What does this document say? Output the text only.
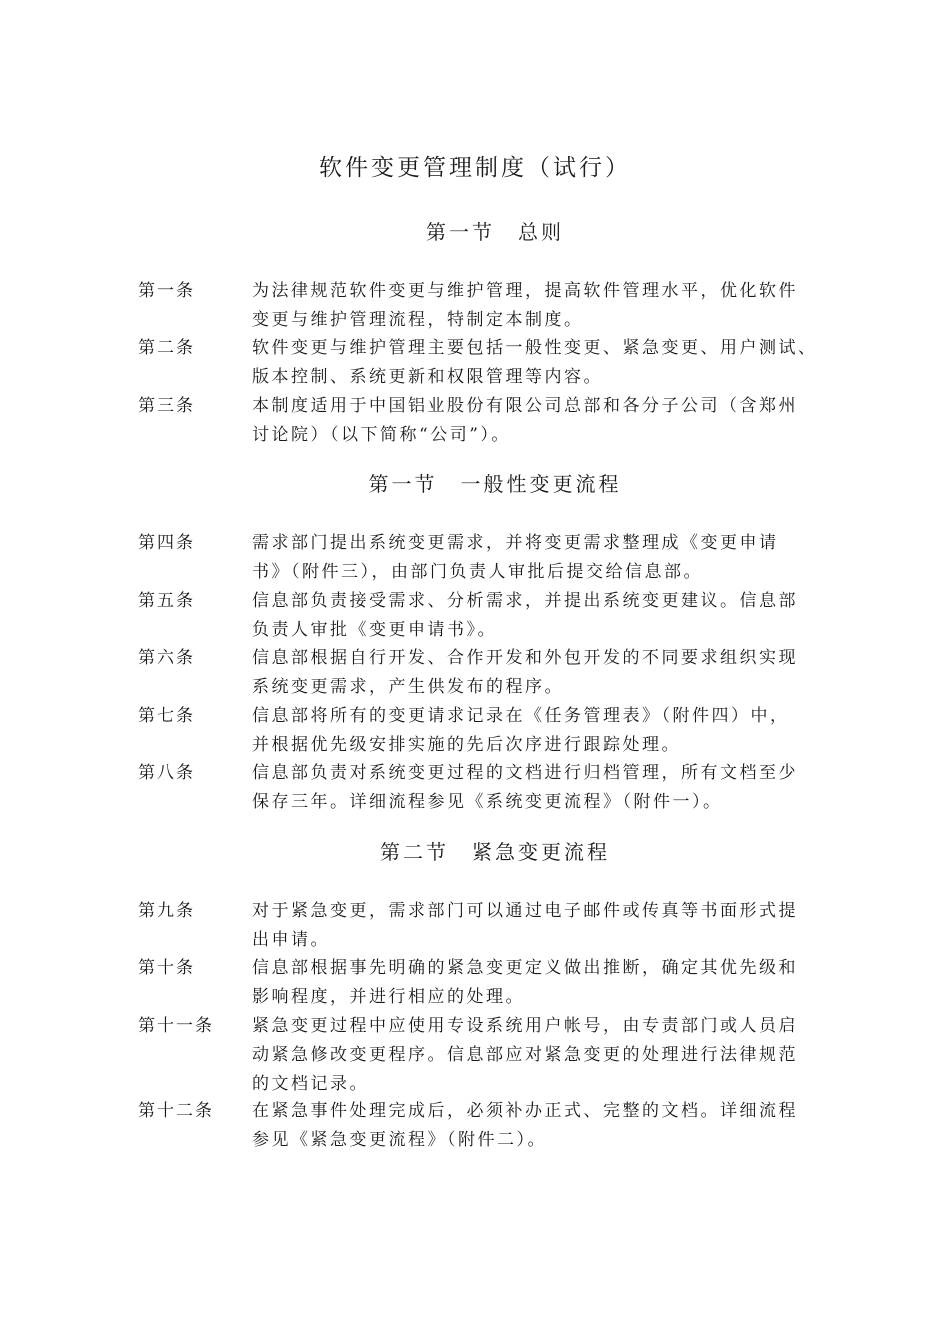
软件变更管理制度（试行）
第一节　总则
第一条	为法律规范软件变更与维护管理，提高软件管理水平，优化软件
变更与维护管理流程，特制定本制度。
第二条	软件变更与维护管理主要包括一般性变更、紧急变更、用户测试、
版本控制、系统更新和权限管理等内容。
第三条	本制度适用于中国铝业股份有限公司总部和各分子公司（含郑州
讨论院）（以下简称“公司”）。
第一节　一般性变更流程
第四条	需求部门提出系统变更需求，并将变更需求整理成《变更申请
书》（附件三），由部门负责人审批后提交给信息部。
第五条	信息部负责接受需求、分析需求，并提出系统变更建议。信息部
负责人审批《变更申请书》。
第六条	信息部根据自行开发、合作开发和外包开发的不同要求组织实现
系统变更需求，产生供发布的程序。
第七条	信息部将所有的变更请求记录在《任务管理表》（附件四）中，
并根据优先级安排实施的先后次序进行跟踪处理。
第八条	信息部负责对系统变更过程的文档进行归档管理，所有文档至少
保存三年。详细流程参见《系统变更流程》（附件一）。
第二节　紧急变更流程
第九条	对于紧急变更，需求部门可以通过电子邮件或传真等书面形式提
出申请。
第十条	信息部根据事先明确的紧急变更定义做出推断，确定其优先级和
影响程度，并进行相应的处理。
第十一条 紧急变更过程中应使用专设系统用户帐号，由专责部门或人员启
动紧急修改变更程序。信息部应对紧急变更的处理进行法律规范
的文档记录。
第十二条 在紧急事件处理完成后，必须补办正式、完整的文档。详细流程
参见《紧急变更流程》（附件二）。
